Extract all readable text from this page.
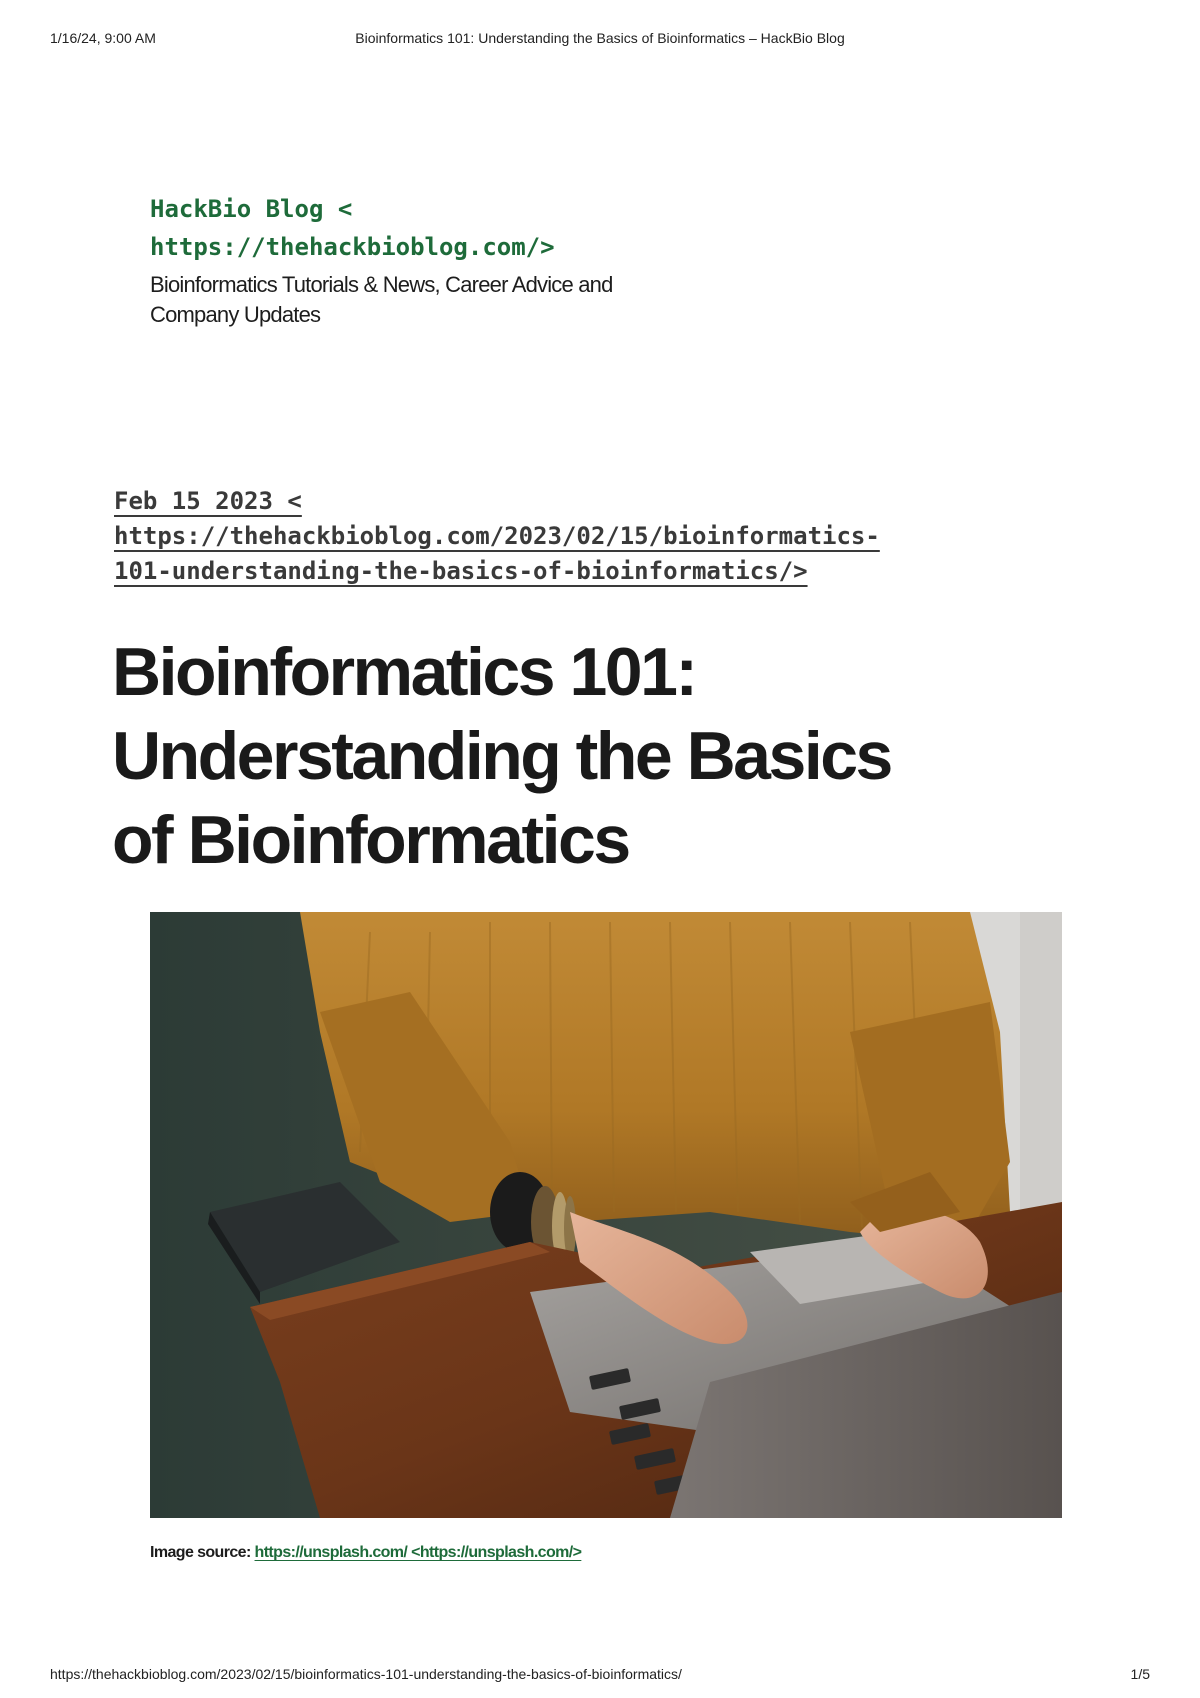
1/16/24, 9:00 AM	Bioinformatics 101: Understanding the Basics of Bioinformatics – HackBio Blog
HackBio Blog <
https://thehackbioblog.com/>
Bioinformatics Tutorials & News, Career Advice and
Company Updates
Feb 15 2023 <
https://thehackbioblog.com/2023/02/15/bioinformatics-
101-understanding-the-basics-of-bioinformatics/>
Bioinformatics 101:
Understanding the Basics
of Bioinformatics
Image source: https://unsplash.com/ <https://unsplash.com/>
https://thehackbioblog.com/2023/02/15/bioinformatics-101-understanding-the-basics-of-bioinformatics/	1/5
